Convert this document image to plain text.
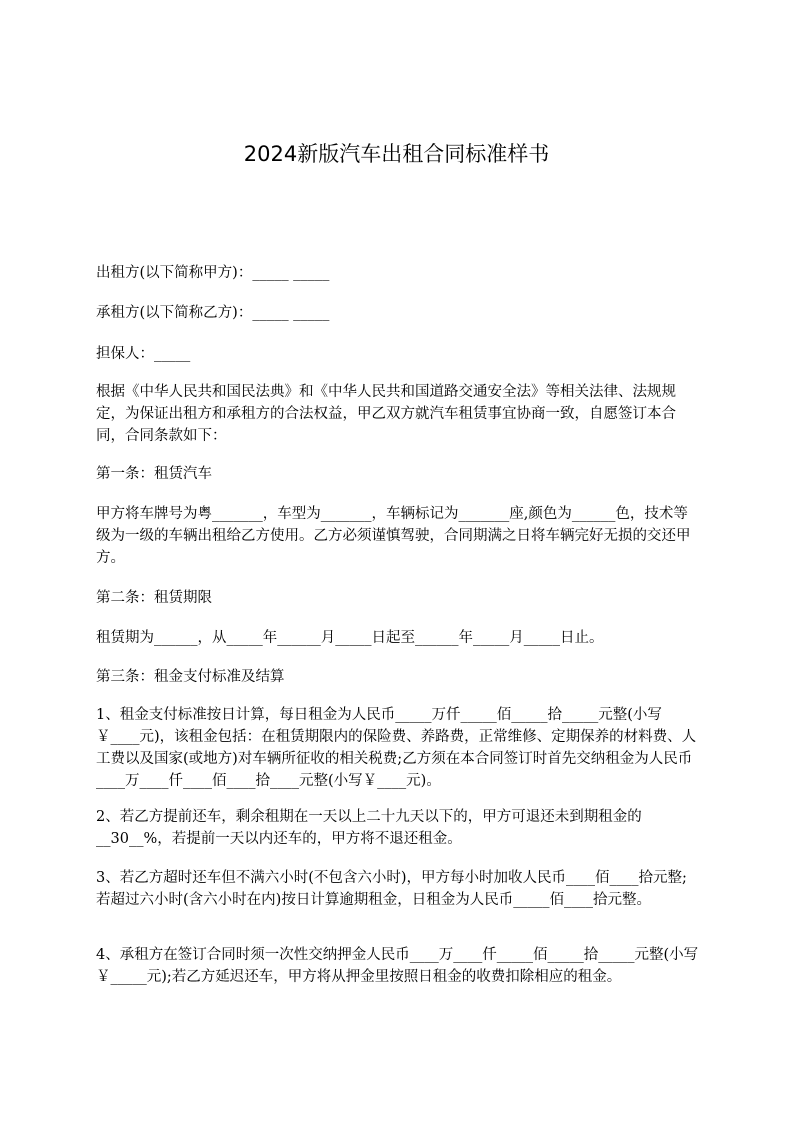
2024新版汽车出租合同标准样书
出租方(以下简称甲方)：_____ _____
承租方(以下简称乙方)：_____ _____
担保人：_____
根据《中华人民共和国民法典》和《中华人民共和国道路交通安全法》等相关法律、法规规定，为保证出租方和承租方的合法权益，甲乙双方就汽车租赁事宜协商一致，自愿签订本合同，合同条款如下：
第一条：租赁汽车
甲方将车牌号为粤_______，车型为_______，车辆标记为_______座,颜色为______色，技术等级为一级的车辆出租给乙方使用。乙方必须谨慎驾驶，合同期满之日将车辆完好无损的交还甲方。
第二条：租赁期限
租赁期为______，从_____年______月_____日起至______年_____月_____日止。
第三条：租金支付标准及结算
1、租金支付标准按日计算，每日租金为人民币_____万仟_____佰_____拾_____元整(小写￥____元)，该租金包括：在租赁期限内的保险费、养路费，正常维修、定期保养的材料费、人工费以及国家(或地方)对车辆所征收的相关税费;乙方须在本合同签订时首先交纳租金为人民币____万____仟____佰____拾____元整(小写￥____元)。
2、若乙方提前还车，剩余租期在一天以上二十九天以下的，甲方可退还未到期租金的__30__%，若提前一天以内还车的，甲方将不退还租金。
3、若乙方超时还车但不满六小时(不包含六小时)，甲方每小时加收人民币____佰____拾元整;若超过六小时(含六小时在内)按日计算逾期租金，日租金为人民币_____佰____拾元整。
4、承租方在签订合同时须一次性交纳押金人民币____万____仟_____佰_____拾_____元整(小写￥_____元);若乙方延迟还车，甲方将从押金里按照日租金的收费扣除相应的租金。
